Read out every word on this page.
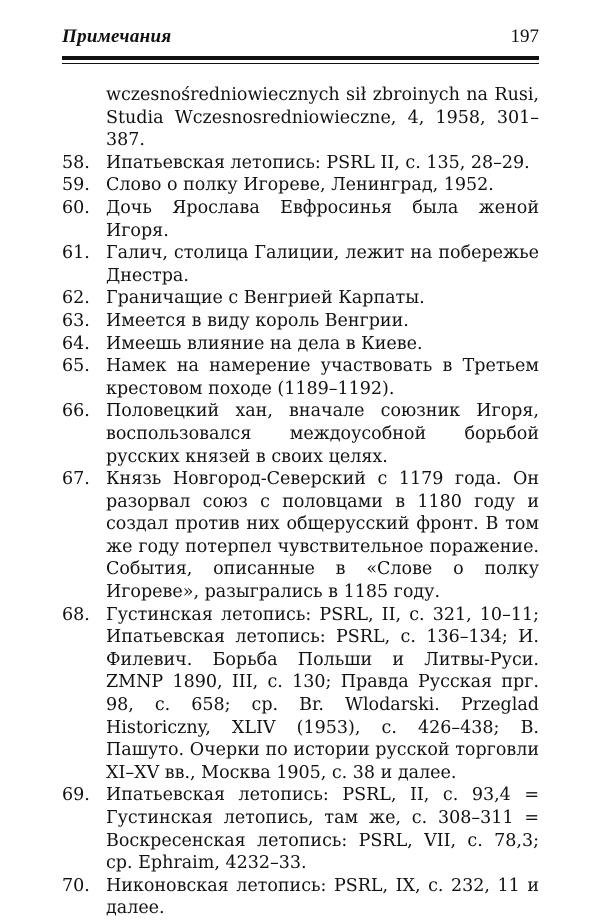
Примечания	197
wczesnośredniowiecznych sił zbroinych na Rusi, Studia Wczesnosredniowieczne, 4, 1958, 301–387.
58. Ипатьевская летопись: PSRL II, с. 135, 28–29.
59. Слово о полку Игореве, Ленинград, 1952.
60. Дочь Ярослава Евфросинья была женой Игоря.
61. Галич, столица Галиции, лежит на побережье Днестра.
62. Граничащие с Венгрией Карпаты.
63. Имеется в виду король Венгрии.
64. Имеешь влияние на дела в Киеве.
65. Намек на намерение участвовать в Третьем крестовом походе (1189–1192).
66. Половецкий хан, вначале союзник Игоря, воспользовался междоусобной борьбой русских князей в своих целях.
67. Князь Новгород-Северский с 1179 года. Он разорвал союз с половцами в 1180 году и создал против них общерусский фронт. В том же году потерпел чувствительное поражение. События, описанные в «Слове о полку Игореве», разыгрались в 1185 году.
68. Густинская летопись: PSRL, II, с. 321, 10–11; Ипатьевская летопись: PSRL, с. 136–134; И. Филевич. Борьба Польши и Литвы-Руси. ZMNP 1890, III, с. 130; Правда Русская прг. 98, с. 658; ср. Br. Wlodarski. Przeglad Historiczny, XLIV (1953), с. 426–438; В. Пашуто. Очерки по истории русской торговли XI–XV вв., Москва 1905, с. 38 и далее.
69. Ипатьевская летопись: PSRL, II, с. 93,4 = Густинская летопись, там же, с. 308–311 = Воскресенская летопись: PSRL, VII, с. 78,3; ср. Ephraim, 4232–33.
70. Никоновская летопись: PSRL, IX, с. 232, 11 и далее.
